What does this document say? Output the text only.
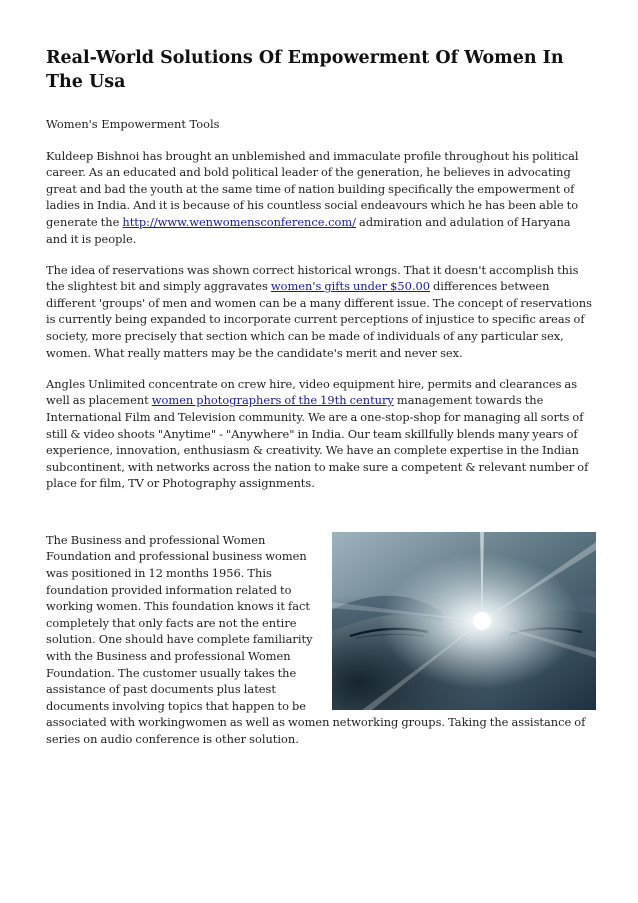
Real-World Solutions Of Empowerment Of Women In The Usa
Women's Empowerment Tools

Kuldeep Bishnoi has brought an unblemished and immaculate profile throughout his political career. As an educated and bold political leader of the generation, he believes in advocating great and bad the youth at the same time of nation building specifically the empowerment of ladies in India. And it is because of his countless social endeavours which he has been able to generate the http://www.wenwomensconference.com/ admiration and adulation of Haryana and it is people.

The idea of reservations was shown correct historical wrongs. That it doesn't accomplish this the slightest bit and simply aggravates women's gifts under $50.00 differences between different 'groups' of men and women can be a many different issue. The concept of reservations is currently being expanded to incorporate current perceptions of injustice to specific areas of society, more precisely that section which can be made of individuals of any particular sex, women. What really matters may be the candidate's merit and never sex.

Angles Unlimited concentrate on crew hire, video equipment hire, permits and clearances as well as placement women photographers of the 19th century management towards the International Film and Television community. We are a one-stop-shop for managing all sorts of still & video shoots "Anytime" - "Anywhere" in India. Our team skillfully blends many years of experience, innovation, enthusiasm & creativity. We have an complete expertise in the Indian subcontinent, with networks across the nation to make sure a competent & relevant number of place for film, TV or Photography assignments.

The Business and professional Women Foundation and professional business women was positioned in 12 months 1956. This foundation provided information related to working women. This foundation knows it fact completely that only facts are not the entire solution. One should have complete familiarity with the Business and professional Women Foundation. The customer usually takes the assistance of past documents plus latest documents involving topics that happen to be associated with workingwomen as well as women networking groups. Taking the assistance of series on audio conference is other solution.
